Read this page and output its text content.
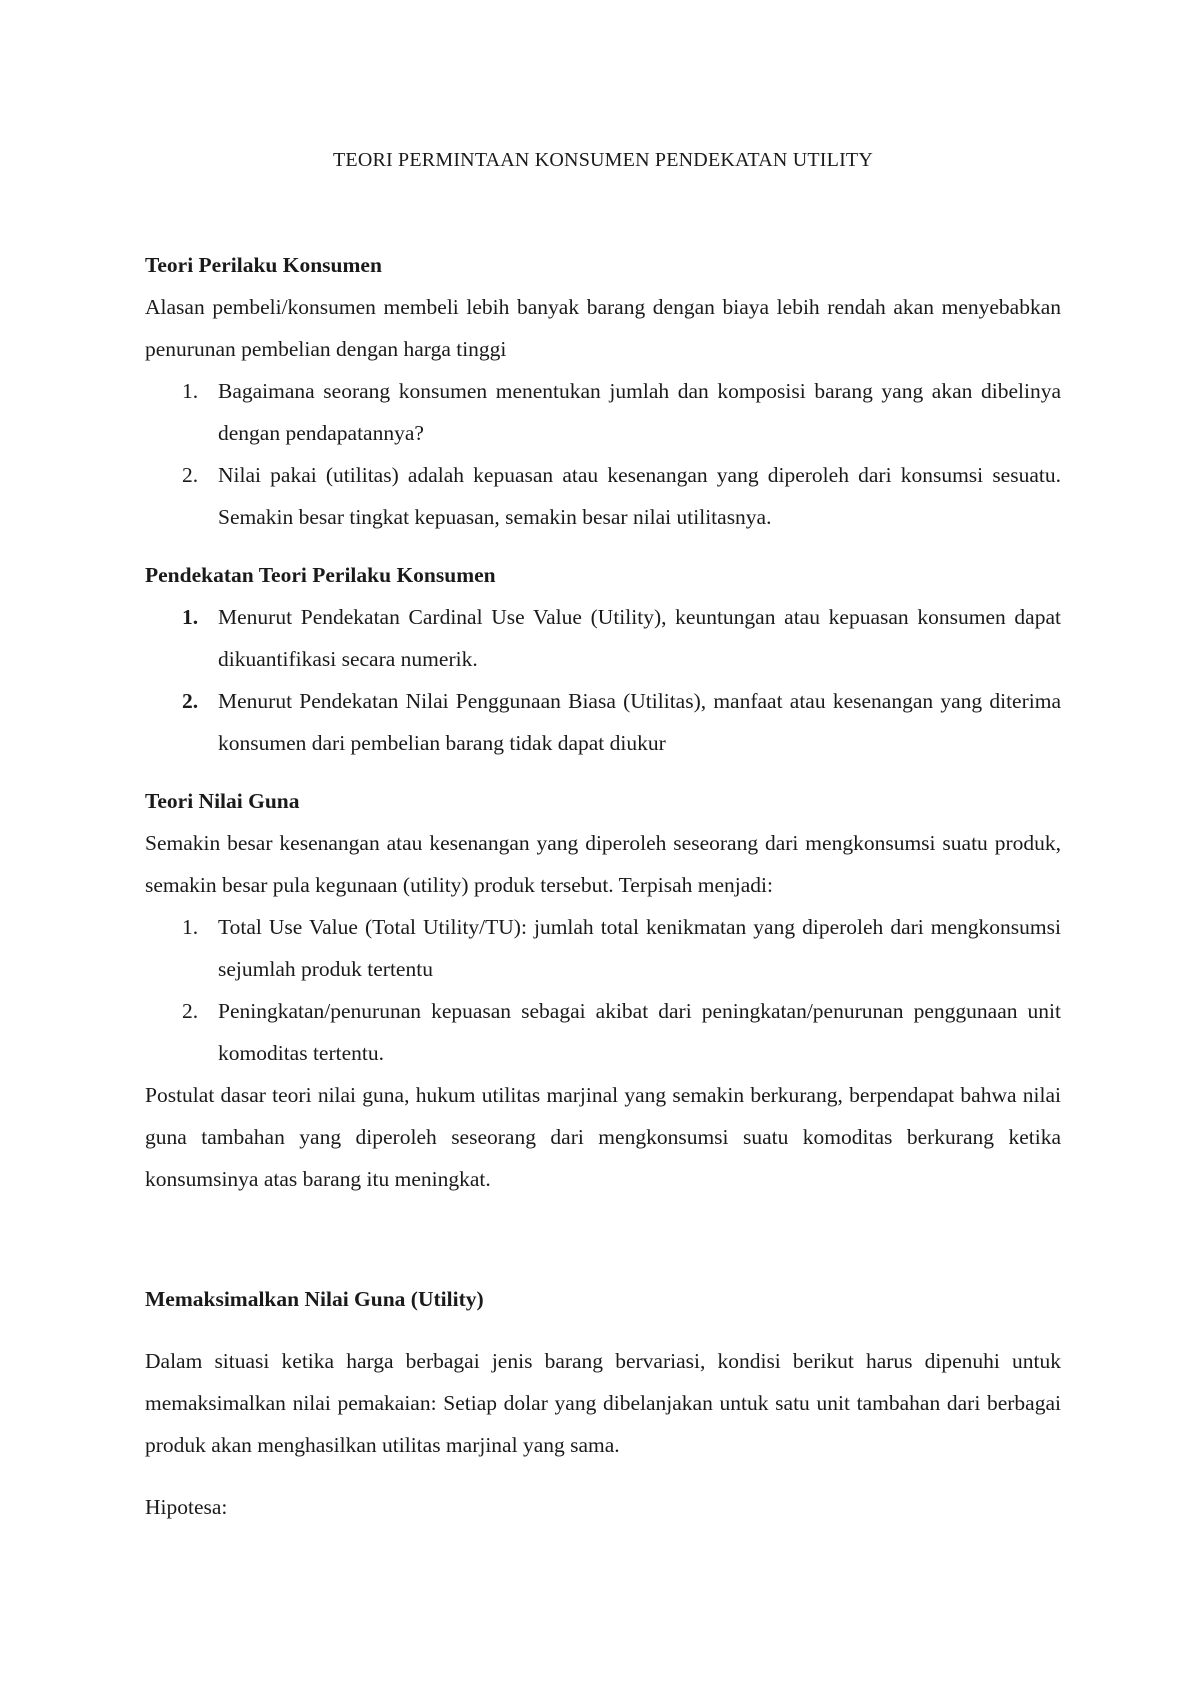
TEORI PERMINTAAN KONSUMEN PENDEKATAN UTILITY

Teori Perilaku Konsumen

Alasan pembeli/konsumen membeli lebih banyak barang dengan biaya lebih rendah akan menyebabkan penurunan pembelian dengan harga tinggi

1. Bagaimana seorang konsumen menentukan jumlah dan komposisi barang yang akan dibelinya dengan pendapatannya?
2. Nilai pakai (utilitas) adalah kepuasan atau kesenangan yang diperoleh dari konsumsi sesuatu. Semakin besar tingkat kepuasan, semakin besar nilai utilitasnya.

Pendekatan Teori Perilaku Konsumen

1. Menurut Pendekatan Cardinal Use Value (Utility), keuntungan atau kepuasan konsumen dapat dikuantifikasi secara numerik.
2. Menurut Pendekatan Nilai Penggunaan Biasa (Utilitas), manfaat atau kesenangan yang diterima konsumen dari pembelian barang tidak dapat diukur

Teori Nilai Guna

Semakin besar kesenangan atau kesenangan yang diperoleh seseorang dari mengkonsumsi suatu produk, semakin besar pula kegunaan (utility) produk tersebut. Terpisah menjadi:

1. Total Use Value (Total Utility/TU): jumlah total kenikmatan yang diperoleh dari mengkonsumsi sejumlah produk tertentu
2. Peningkatan/penurunan kepuasan sebagai akibat dari peningkatan/penurunan penggunaan unit komoditas tertentu.

Postulat dasar teori nilai guna, hukum utilitas marjinal yang semakin berkurang, berpendapat bahwa nilai guna tambahan yang diperoleh seseorang dari mengkonsumsi suatu komoditas berkurang ketika konsumsinya atas barang itu meningkat.

Memaksimalkan Nilai Guna (Utility)

Dalam situasi ketika harga berbagai jenis barang bervariasi, kondisi berikut harus dipenuhi untuk memaksimalkan nilai pemakaian: Setiap dolar yang dibelanjakan untuk satu unit tambahan dari berbagai produk akan menghasilkan utilitas marjinal yang sama.

Hipotesa:
